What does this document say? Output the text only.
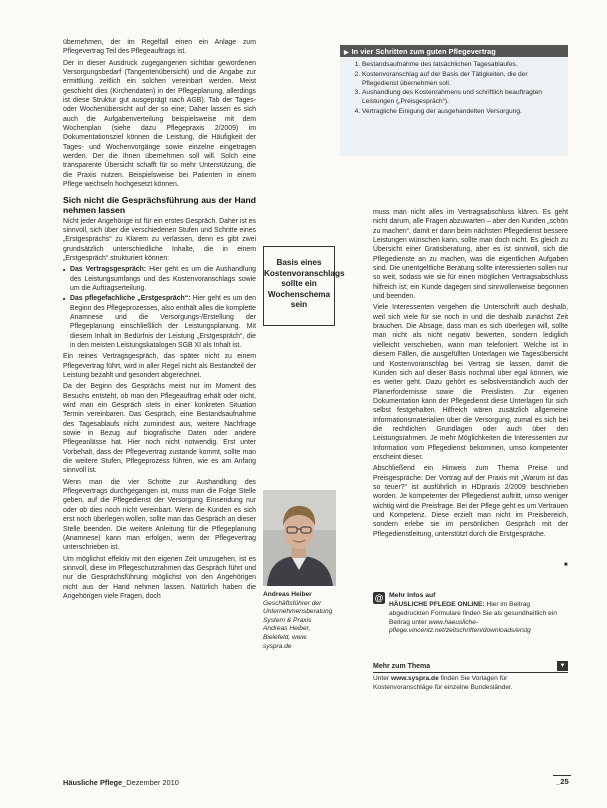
übernehmen, der im Regelfall einen ein Anlage zum Pflegevertrag Teil des Pflegeauftrags ist.

Der in dieser Ausdruck zugegangenen sichtbar gewordenen Versorgungsbedarf (Tangentenübersicht) und die Angabe zur ermittlung zeitlich ein solchen vereinbart werden. Meist geschieht dies (Kirchendaten) in der Pflegeplanung, allerdings ist diese Struktur gut ausgeprägt nach AGB). Tab der Tages- oder Wochenübersicht auf der so eine; Daher lassen es sich auch die Aufgabenverteilung beispielsweise mit dem Wochenplan (siehe dazu Pflegepraxis 2/2009) im Dokumentationsziel können die Leistung, die Häufigkeit der Tages- und Wochenvorgänge sowie einzelne eingetragen werden. Der die Ihnen übernehmen soll will. Solch eine transparente Übersicht schafft für so mehr Unterstützung, die die Praxis nutzen. Beispielsweise bei Patienten in einem Pflege wechseln hochgesetzt können.

Sich nicht die Gesprächsführung aus der Hand nehmen lassen

Nicht jeder Angehörige ist für ein erstes Gespräch. Daher ist es sinnvoll, sich über die verschiedenen Stufen und Schritte eines „Erstgesprächs“ zu Klarem zu verlassen, denn es gibt zwei grundsätzlich unterschiedliche Inhalte, die in einem „Erstgespräch“ strukturiert können:

■ Das Vertragsgespräch: Hier geht es um die Aushandlung des Leistungsumfangs und des Kostenvoranschlags sowie um die Auftragserteilung.
■ Das pflegefachliche „Erstgespräch“: Hier geht es um den Beginn des Pflegeprozesses, also enthält alles die komplette Anamnese und die Versorgungs-/Erstellung der Pflegeplanung einschließlich der Leistungsplanung. Mit diesem Inhalt im Bedürfnis der Leistung „Erstgespräch“, die in den meisten Leistungskatalogen SGB XI als Inhalt ist.

Ein reines Vertragsgespräch, das später nicht zu einem Pflegevertrag führt, wird in aller Regel nicht als Bestandteil der Leistung bezahlt und gesondert abgerechnet.

Da der Beginn des Gesprächs meist nur im Moment des Besuchs entsteht, ob man den Pflegeauftrag erhält oder nicht, wird man ein Gespräch stets in einer konkreten Situation Termin vereinbaren. Das Gespräch, eine Bestandsaufnahme des Tagesablaufs nicht zumindest aus, weitere Nachfrage sowie in Bezug auf biografische Daten oder andere Pflegeanlässe hat. Hier noch nicht notwendig. Erst unter Vorbehalt, dass der Pflegevertrag zustande kommt, sollte man die weitere Stufen, Pflegeprozess führen, wie es am Anfang sinnvoll ist.

Wenn man die vier Schritte zur Aushandlung des Pflegevertrags durchgegangen ist, muss man die Folge Stelle geben, auf die Pflegedienst der Versorgung Einsendung nur oder ob dies noch nicht vereinbart. Wenn die Kunden es sich erst noch überlegen wollen, sollte man das Gespräch an dieser Stelle beenden. Die weitere Anleitung für die Pflegeplanung (Anamnese) kann man erfolgen, wenn der Pflegevertrag unterschrieben ist.

Um möglichst effektiv mit den eigenen Zeit umzugehen, ist es sinnvoll, diese im Pflegeschutzrahmen das Gespräch führt und nur die Gesprächsführung möglichst von den Angehörigen nicht aus der Hand nehmen lassen. Natürlich haben die Angehörigen viele Fragen, doch

▶ In vier Schritten zum guten Pflegevertrag
1. Bestandsaufnahme des tatsächlichen Tagesablaufes.
2. Kostenvoranschlag auf der Basis der Tätigkeiten, die der Pflegedienst übernehmen soll.
3. Aushandlung des Kostenrahmens und schriftlich beauftragten Leistungen („Preisgespräch“).
4. Vertragliche Einigung der ausgehandelten Versorgung.
Basis eines Kostenvoranschlags sollte ein Wochenschema sein
Andreas Heiber
Geschäftsführer der Unternehmensberatung System & Praxis Andreas Heiber, Bielefeld, www. syspra.de

muss man nicht alles im Vertragsabschluss klären. Es geht nicht darum, alle Fragen abzuwarten – aber den Kunden „schön zu machen“, damit er dann beim nächsten Pflegedienst bessere Leistungen wünschen kann, sollte man doch nicht. Es gleich zu Übersicht einer Gratisberatung, aber es ist sinnvoll, sich die Pflegedienste an zu machen, was die eigentlichen Aufgaben sind. Die unentgeltliche Beratung sollte interessierten sollen nur so weit, sodass wie sie für einen möglichen Vertragsabschluss hilfreich ist; ein Kunde dagegen sind sinnvollerweise begonnen und beenden.

Viele Interessenten vergehen die Unterschrift auch deshalb, weil sich viele für sie noch in und die deshalb zunächst Zeit brauchen. Die Absage, dass man es sich überlegen will, sollte man nicht als nicht negativ bewerten, sondern lediglich vielleicht verschieben, wann man telefoniert. Welche ist in diesem Fällen, die ausgefüllten Unterlagen wie Tagesübersicht und Kostenvoranschlag bei Vertrag sie lassen, damit die Kunden sich auf dieser Basis nochmal über egal können, wie es weiter geht. Dazu gehört es selbstverständlich auch der Planerfordernisse sowie die Preislisten. Zur eigenen Dokumentation kann der Pflegedienst diese Unterlagen für sich selbst festgehalten. Hilfreich wären zusätzlich allgemeine Informationsmaterialien über die Versorgung, zumal es sich bei die rechtlichen Grundlagen oder auch über den Leistungsrahmen. Je mehr Möglichkeiten die Interessenten zur Information vom Pflegedienst bekommen, umso kompetenter erscheint dieser.

Abschließend ein Hinweis zum Thema Preise und Preisgespräche: Der Vortrag auf der Praxis mit „Warum ist das so teuer?“ ist ausführlich in HDpraxis 2/2009 beschrieben worden. Je kompetenter der Pflegedienst auftritt, umso weniger wichtig wird die Preisfrage. Bei der Pflege geht es um Vertrauen und Kompetenz. Diese erzielt man nicht im Preisbereich, sondern erlebe sie im persönlichen Gespräch mit der Pflegedienstleitung, unterstützt durch die Erstgespräche.

■
@ Mehr Infos auf
HÄUSLICHE PFLEGE ONLINE: Hier im Beitrag abgedruckten Formulare finden Sie als gesundheitlich ein Beitrag unter www.haeusliche-pflege.vincentz.net/zeitschriften/downloads/erstg
Mehr zum Thema	▼
Unter www.syspra.de finden Sie Vorlagen für Kostenvoranschläge für einzelne Bundesländer.
Häusliche Pflege_Dezember 2010	_25
